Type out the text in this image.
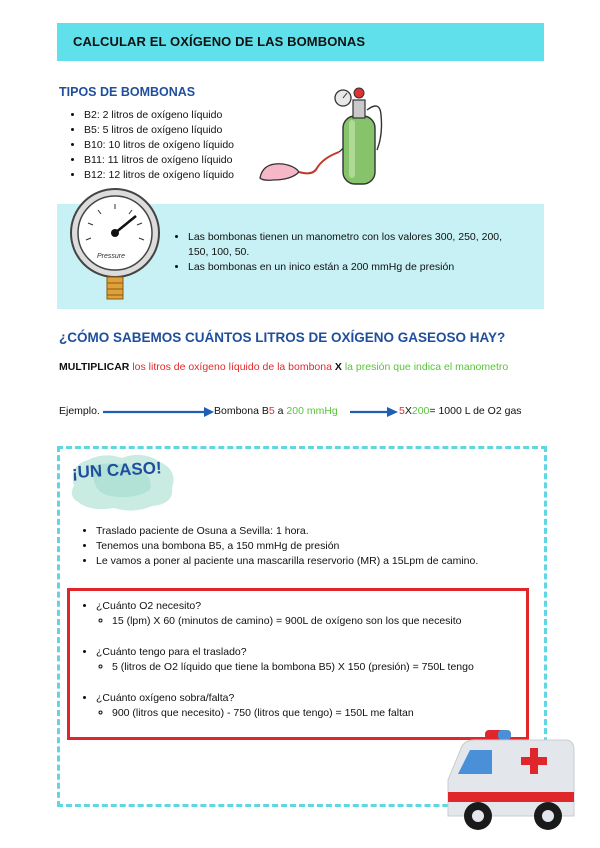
CALCULAR EL OXÍGENO DE LAS BOMBONAS
TIPOS DE BOMBONAS
• B2: 2 litros de oxígeno líquido
• B5: 5 litros de oxígeno líquido
• B10: 10 litros de oxígeno líquido
• B11: 11 litros de oxígeno líquido
• B12: 12 litros de oxígeno líquido
Pressure
• Las bombonas tienen un manometro con los valores 300, 250, 200, 150, 100, 50.
• Las bombonas en un inico están a 200 mmHg de presión
¿CÓMO SABEMOS CUÁNTOS LITROS DE OXÍGENO GASEOSO HAY?
MULTIPLICAR los litros de oxígeno líquido de la bombona X la presión que indica el manometro
Ejemplo.	Bombona B5 a 200 mmHg	5X200= 1000 L de O2 gas
¡UN CASO!
• Traslado paciente de Osuna a Sevilla: 1 hora.
• Tenemos una bombona B5, a 150 mmHg de presión
• Le vamos a poner al paciente una mascarilla reservorio (MR) a 15Lpm de camino.
• ¿Cuánto O2 necesito?
◦ 15 (lpm) X 60 (minutos de camino) = 900L de oxígeno son los que necesito
• ¿Cuánto tengo para el traslado?
◦ 5 (litros de O2 líquido que tiene la bombona B5) X 150 (presión) = 750L tengo
• ¿Cuánto oxígeno sobra/falta?
◦ 900 (litros que necesito) - 750 (litros que tengo) = 150L me faltan
